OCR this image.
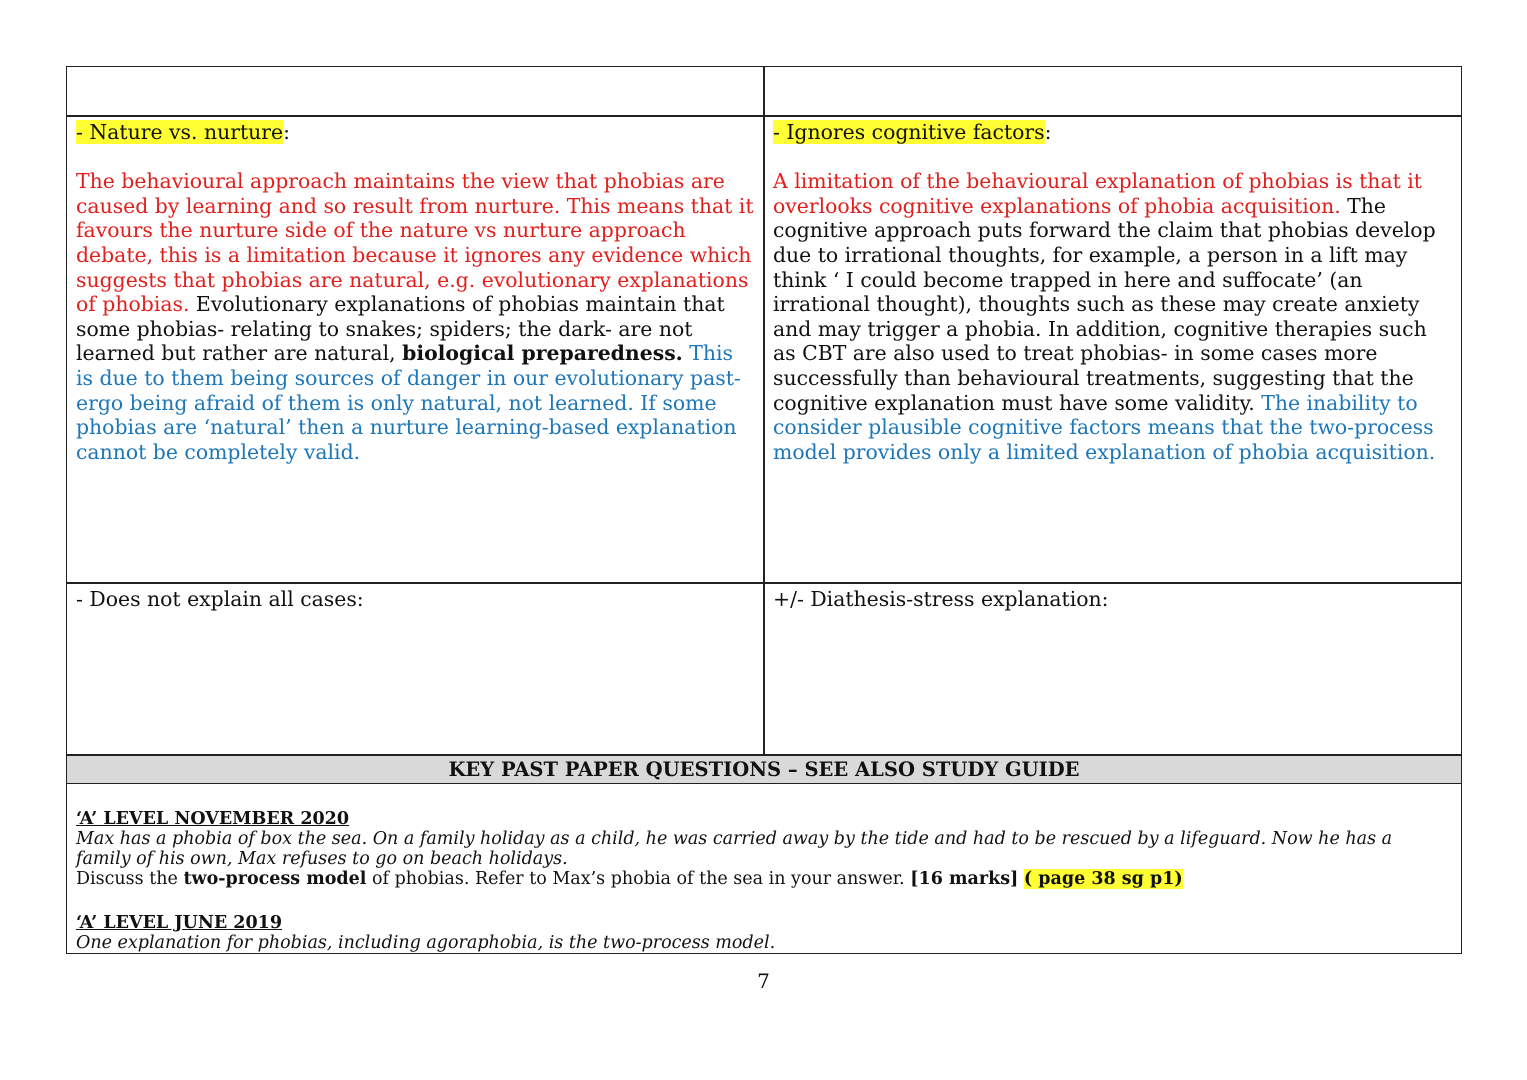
- Nature vs. nurture:
The behavioural approach maintains the view that phobias are caused by learning and so result from nurture. This means that it favours the nurture side of the nature vs nurture approach debate, this is a limitation because it ignores any evidence which suggests that phobias are natural, e.g. evolutionary explanations of phobias. Evolutionary explanations of phobias maintain that some phobias- relating to snakes; spiders; the dark- are not learned but rather are natural, biological preparedness. This is due to them being sources of danger in our evolutionary past- ergo being afraid of them is only natural, not learned. If some phobias are ‘natural’ then a nurture learning-based explanation cannot be completely valid.
- Ignores cognitive factors:
A limitation of the behavioural explanation of phobias is that it overlooks cognitive explanations of phobia acquisition. The cognitive approach puts forward the claim that phobias develop due to irrational thoughts, for example, a person in a lift may think ‘ I could become trapped in here and suffocate’ (an irrational thought), thoughts such as these may create anxiety and may trigger a phobia. In addition, cognitive therapies such as CBT are also used to treat phobias- in some cases more successfully than behavioural treatments, suggesting that the cognitive explanation must have some validity. The inability to consider plausible cognitive factors means that the two-process model provides only a limited explanation of phobia acquisition.
- Does not explain all cases:	+/- Diathesis-stress explanation:
KEY PAST PAPER QUESTIONS – SEE ALSO STUDY GUIDE
‘A’ LEVEL NOVEMBER 2020
Max has a phobia of box the sea. On a family holiday as a child, he was carried away by the tide and had to be rescued by a lifeguard. Now he has a family of his own, Max refuses to go on beach holidays.
Discuss the two-process model of phobias. Refer to Max’s phobia of the sea in your answer. [16 marks] ( page 38 sg p1)
‘A’ LEVEL JUNE 2019
One explanation for phobias, including agoraphobia, is the two-process model.
7
